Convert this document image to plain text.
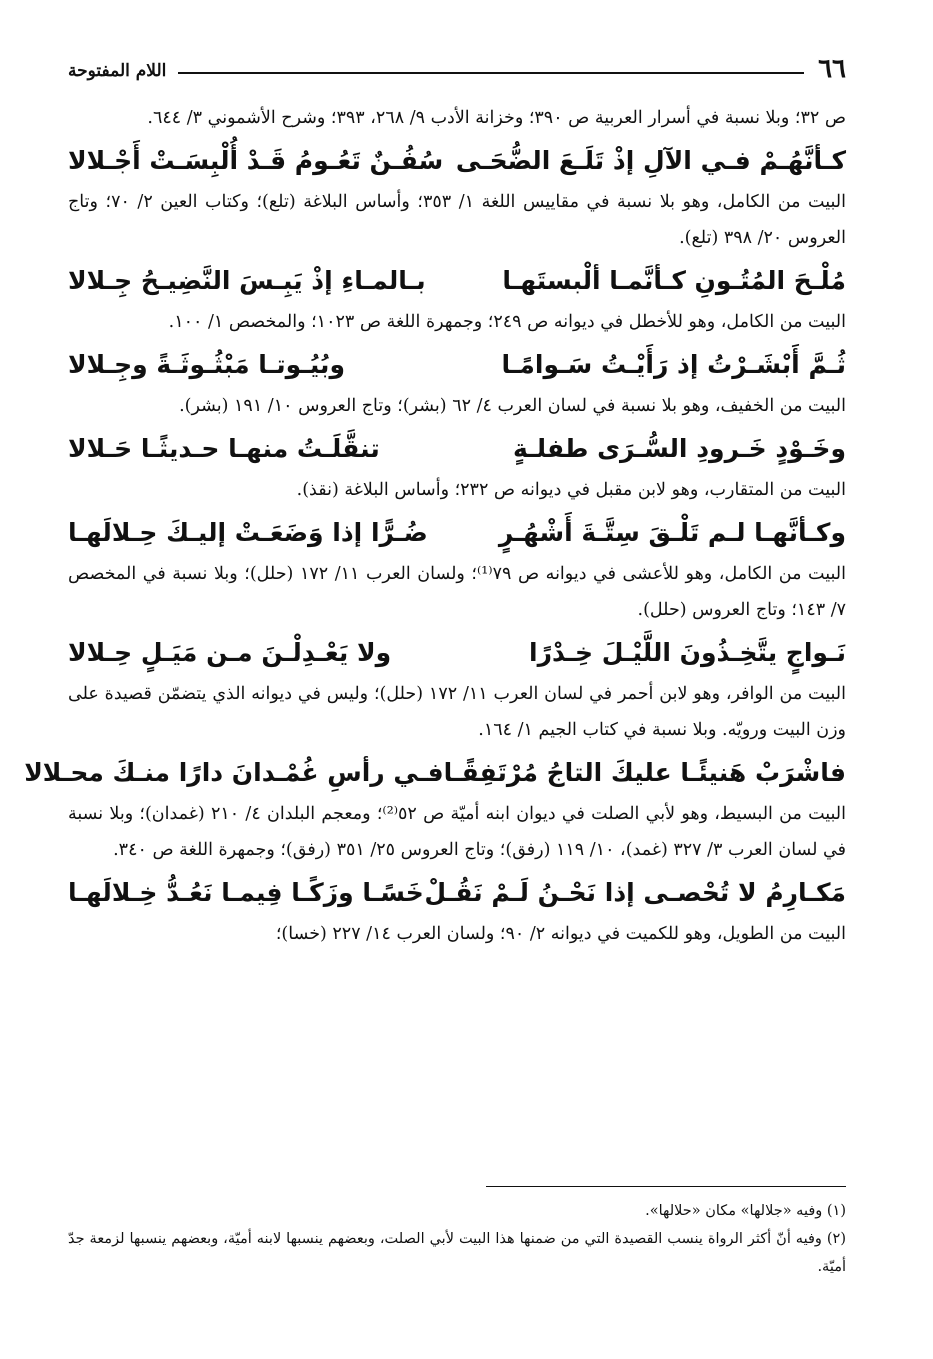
٦٦
اللام المفتوحة

ص ٣٢؛ وبلا نسبة في أسرار العربية ص ٣٩٠؛ وخزانة الأدب ٩/ ٢٦٨، ٣٩٣؛ وشرح الأشموني ٣/ ٦٤٤.

كـأنَّهُـمْ فـي الآلِ إذْ تَلَـعَ الضُّحَـى
سُفُـنٌ تَعُـومُ قَـدْ أُلْبِسَـتْ أَجْـلالا

البيت من الكامل، وهو بلا نسبة في مقاييس اللغة ١/ ٣٥٣؛ وأساس البلاغة (تلع)؛ وكتاب العين ٢/ ٧٠؛ وتاج العروس ٢٠/ ٣٩٨ (تلع).

مُلْـحَ المُتُـونِ كـأنَّمـا ألْبستَهـا
بـالمـاءِ إذْ يَبِـسَ النَّضِيـحُ جِـلالا

البيت من الكامل، وهو للأخطل في ديوانه ص ٢٤٩؛ وجمهرة اللغة ص ١٠٢٣؛ والمخصص ١/ ١٠٠.

ثُـمَّ أَبْشَـرْتُ إذ رَأَيْـتُ سَـوامًـا
وبُيُـوتـا مَبْثُـوثَـةً وجِـلالا

البيت من الخفيف، وهو بلا نسبة في لسان العرب ٤/ ٦٢ (بشر)؛ وتاج العروس ١٠/ ١٩١ (بشر).

وخَـوْدٍ خَـرودِ السُّـرَى طفلـةٍ
تنقَّلَـتُ منهـا حـديثًـا حَـلالا

البيت من المتقارب، وهو لابن مقبل في ديوانه ص ٢٣٢؛ وأساس البلاغة (نقذ).

وكـأنَّهـا لـم تَلْـقَ سِتَّـةَ أَشْهُـرٍ
ضُـرًّا إذا وَضَعَـتْ إليـكَ حِـلالَهـا

البيت من الكامل، وهو للأعشى في ديوانه ص ٧٩⁽¹⁾؛ ولسان العرب ١١/ ١٧٢ (حلل)؛ وبلا نسبة في المخصص ٧/ ١٤٣؛ وتاج العروس (حلل).

نَـواجٍ يتَّخِـذُونَ اللَّيْـلَ خِـدْرًا
ولا يَعْـدِلْـنَ مـن مَيَـلٍ حِـلالا

البيت من الوافر، وهو لابن أحمر في لسان العرب ١١/ ١٧٢ (حلل)؛ وليس في ديوانه الذي يتضمّن قصيدة على وزن البيت ورويّه. وبلا نسبة في كتاب الجيم ١/ ١٦٤.

فاشْرَبْ هَنيئًـا عليكَ التاجُ مُرْتَفِقًـا
فـي رأسِ غُمْـدانَ دارًا منـكَ محـلالا

البيت من البسيط، وهو لأبي الصلت في ديوان ابنه أميّة ص ٥٢⁽²⁾؛ ومعجم البلدان ٤/ ٢١٠ (غمدان)؛ وبلا نسبة في لسان العرب ٣/ ٣٢٧ (غمد)، ١٠/ ١١٩ (رفق)؛ وتاج العروس ٢٥/ ٣٥١ (رفق)؛ وجمهرة اللغة ص ٣٤٠.

مَكـارِمُ لا تُحْصـى إذا نَحْـنُ لَـمْ نَقُـلْ
خَسًـا وزَكًـا فِيمـا نَعُـدُّ خِـلالَهـا

البيت من الطويل، وهو للكميت في ديوانه ٢/ ٩٠؛ ولسان العرب ١٤/ ٢٢٧ (خسا)؛

(١) وفيه «جلالها» مكان «حلالها».

(٢) وفيه أنّ أكثر الرواة ينسب القصيدة التي من ضمنها هذا البيت لأبي الصلت، وبعضهم ينسبها لابنه أميّة، وبعضهم ينسبها لزمعة جدّ أميّة.
